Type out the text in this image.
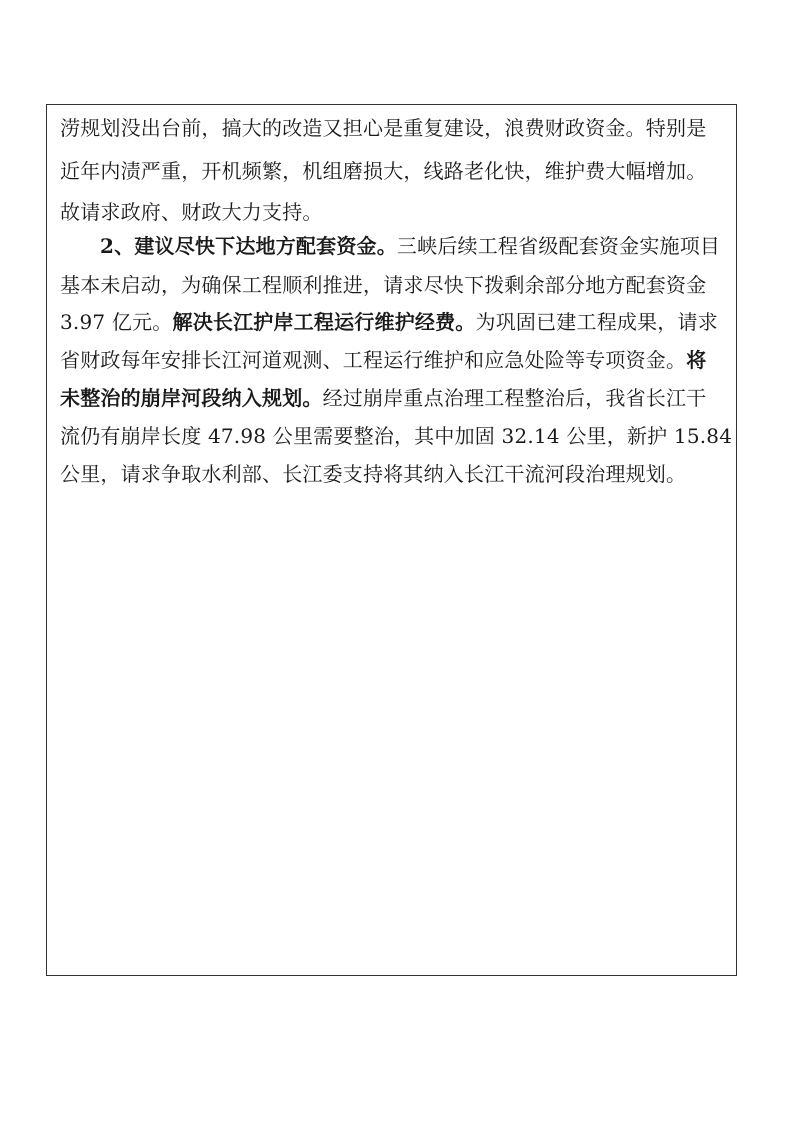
涝规划没出台前，搞大的改造又担心是重复建设，浪费财政资金。特别是
近年内渍严重，开机频繁，机组磨损大，线路老化快，维护费大幅增加。
故请求政府、财政大力支持。
2、建议尽快下达地方配套资金。三峡后续工程省级配套资金实施项目
基本未启动，为确保工程顺利推进，请求尽快下拨剩余部分地方配套资金
3.97 亿元。解决长江护岸工程运行维护经费。为巩固已建工程成果，请求
省财政每年安排长江河道观测、工程运行维护和应急处险等专项资金。将
未整治的崩岸河段纳入规划。经过崩岸重点治理工程整治后，我省长江干
流仍有崩岸长度 47.98 公里需要整治，其中加固 32.14 公里，新护 15.84
公里，请求争取水利部、长江委支持将其纳入长江干流河段治理规划。
